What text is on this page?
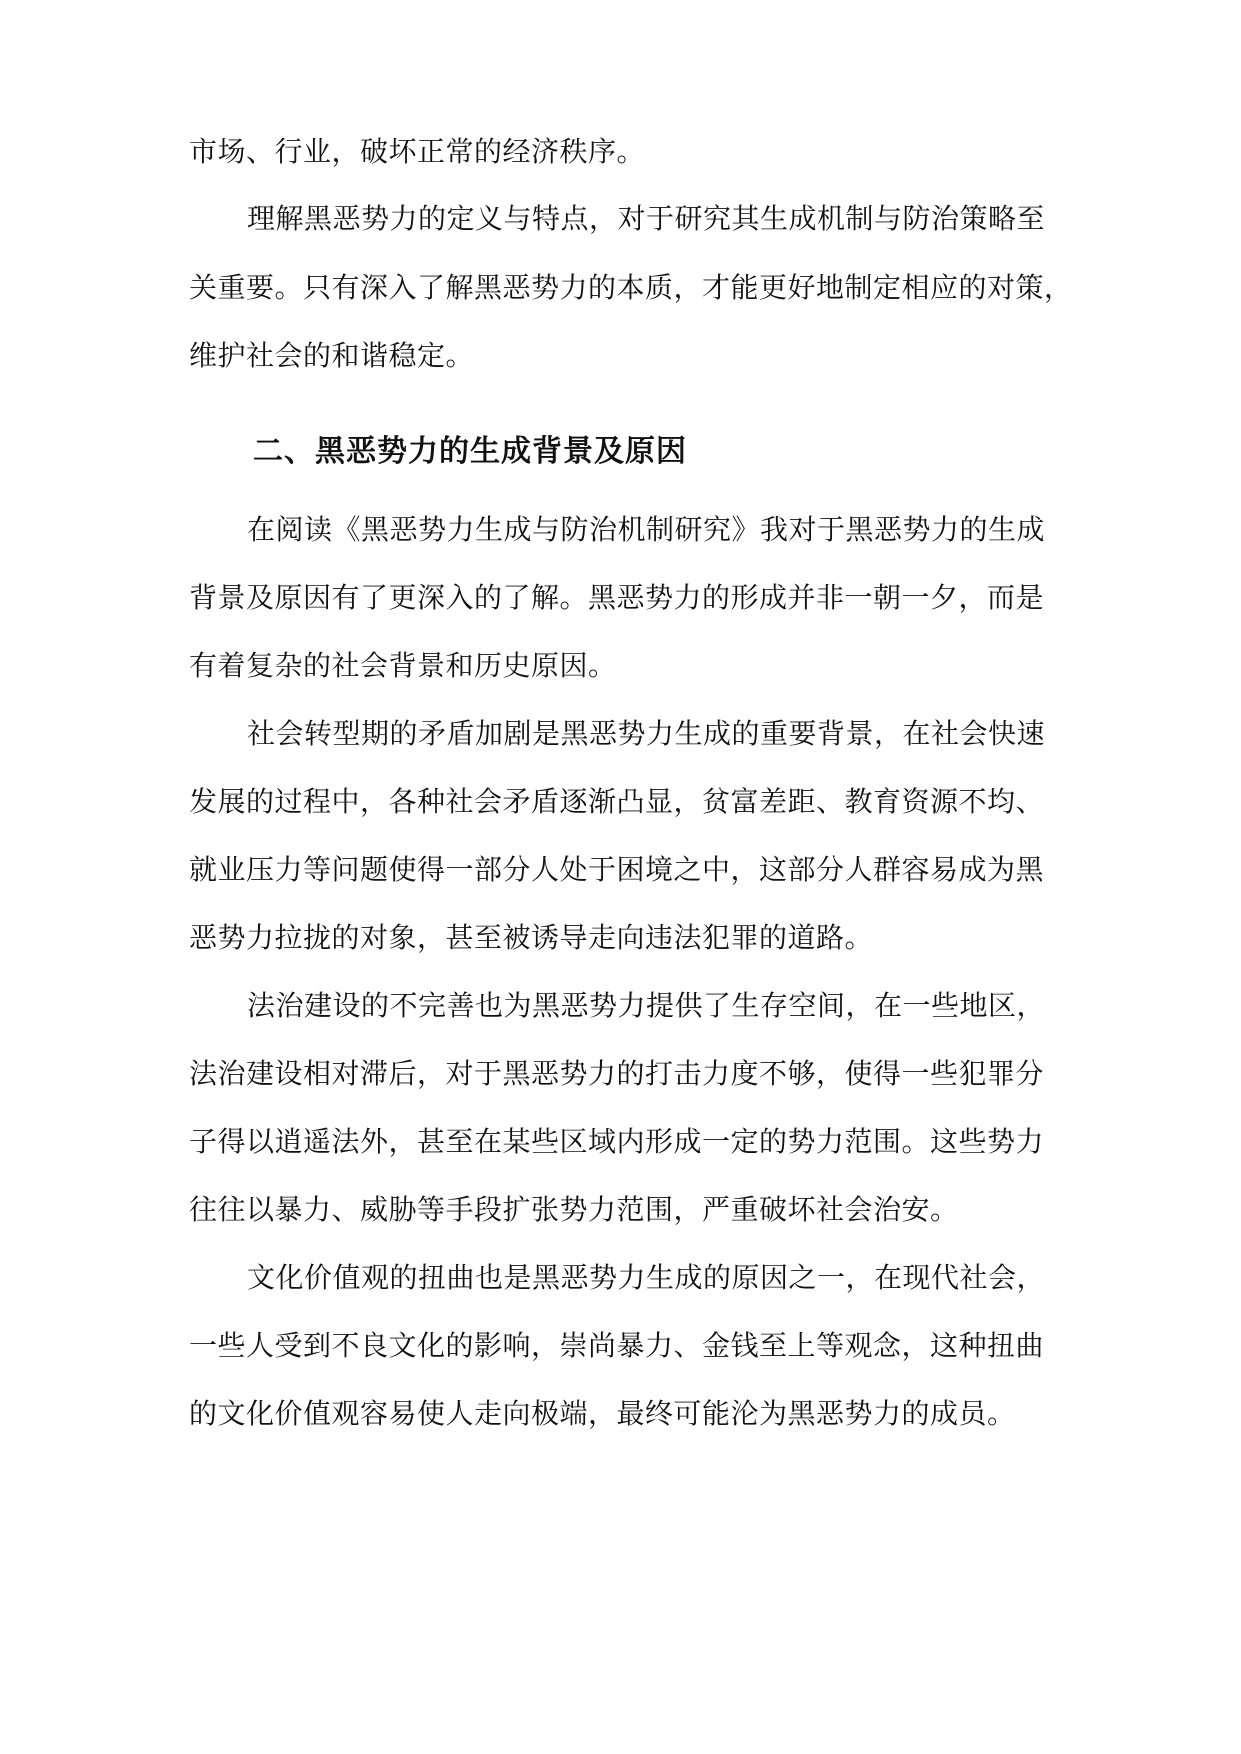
市场、行业，破坏正常的经济秩序。
理解黑恶势力的定义与特点，对于研究其生成机制与防治策略至
关重要。只有深入了解黑恶势力的本质，才能更好地制定相应的对策，
维护社会的和谐稳定。
二、黑恶势力的生成背景及原因
在阅读《黑恶势力生成与防治机制研究》我对于黑恶势力的生成
背景及原因有了更深入的了解。黑恶势力的形成并非一朝一夕，而是
有着复杂的社会背景和历史原因。
社会转型期的矛盾加剧是黑恶势力生成的重要背景，在社会快速
发展的过程中，各种社会矛盾逐渐凸显，贫富差距、教育资源不均、
就业压力等问题使得一部分人处于困境之中，这部分人群容易成为黑
恶势力拉拢的对象，甚至被诱导走向违法犯罪的道路。
法治建设的不完善也为黑恶势力提供了生存空间，在一些地区，
法治建设相对滞后，对于黑恶势力的打击力度不够，使得一些犯罪分
子得以逍遥法外，甚至在某些区域内形成一定的势力范围。这些势力
往往以暴力、威胁等手段扩张势力范围，严重破坏社会治安。
文化价值观的扭曲也是黑恶势力生成的原因之一，在现代社会，
一些人受到不良文化的影响，崇尚暴力、金钱至上等观念，这种扭曲
的文化价值观容易使人走向极端，最终可能沦为黑恶势力的成员。
